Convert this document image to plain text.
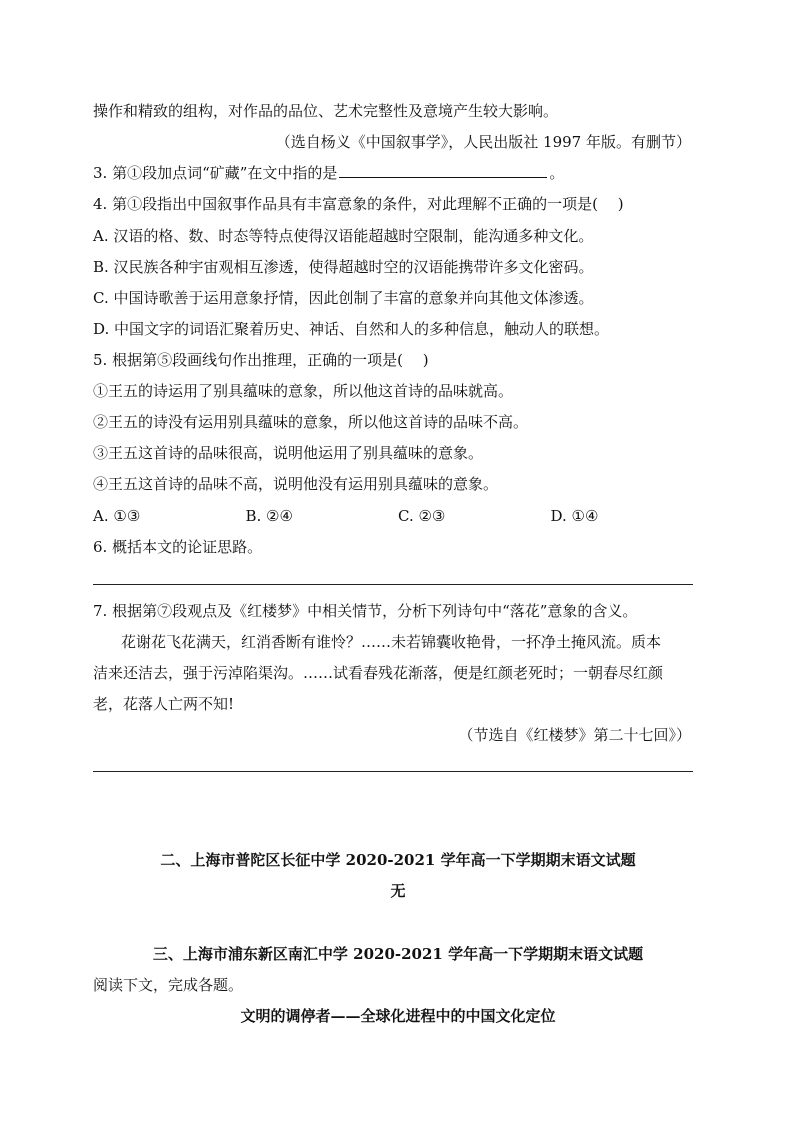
操作和精致的组构，对作品的品位、艺术完整性及意境产生较大影响。
（选自杨义《中国叙事学》，人民出版社 1997 年版。有删节）
3. 第①段加点词“矿藏”在文中指的是	。
4. 第①段指出中国叙事作品具有丰富意象的条件，对此理解不正确的一项是(　 )
A. 汉语的格、数、时态等特点使得汉语能超越时空限制，能沟通多种文化。
B. 汉民族各种宇宙观相互渗透，使得超越时空的汉语能携带许多文化密码。
C. 中国诗歌善于运用意象抒情，因此创制了丰富的意象并向其他文体渗透。
D. 中国文字的词语汇聚着历史、神话、自然和人的多种信息，触动人的联想。
5. 根据第⑤段画线句作出推理，正确的一项是(　 )
①王五的诗运用了别具蕴味的意象，所以他这首诗的品味就高。
②王五的诗没有运用别具蕴味的意象，所以他这首诗的品味不高。
③王五这首诗的品味很高，说明他运用了别具蕴味的意象。
④王五这首诗的品味不高，说明他没有运用别具蕴味的意象。
A. ①③	B. ②④	C. ②③	D. ①④
6. 概括本文的论证思路。
7. 根据第⑦段观点及《红楼梦》中相关情节，分析下列诗句中“落花”意象的含义。
花谢花飞花满天，红消香断有谁怜？……未若锦囊收艳骨，一抔净土掩风流。质本
洁来还洁去，强于污淖陷渠沟。……试看春残花渐落，便是红颜老死时；一朝春尽红颜
老，花落人亡两不知!
（节选自《红楼梦》第二十七回》）
二、上海市普陀区长征中学 2020-2021 学年高一下学期期末语文试题
无
三、上海市浦东新区南汇中学 2020-2021 学年高一下学期期末语文试题
阅读下文，完成各题。
文明的调停者——全球化进程中的中国文化定位
